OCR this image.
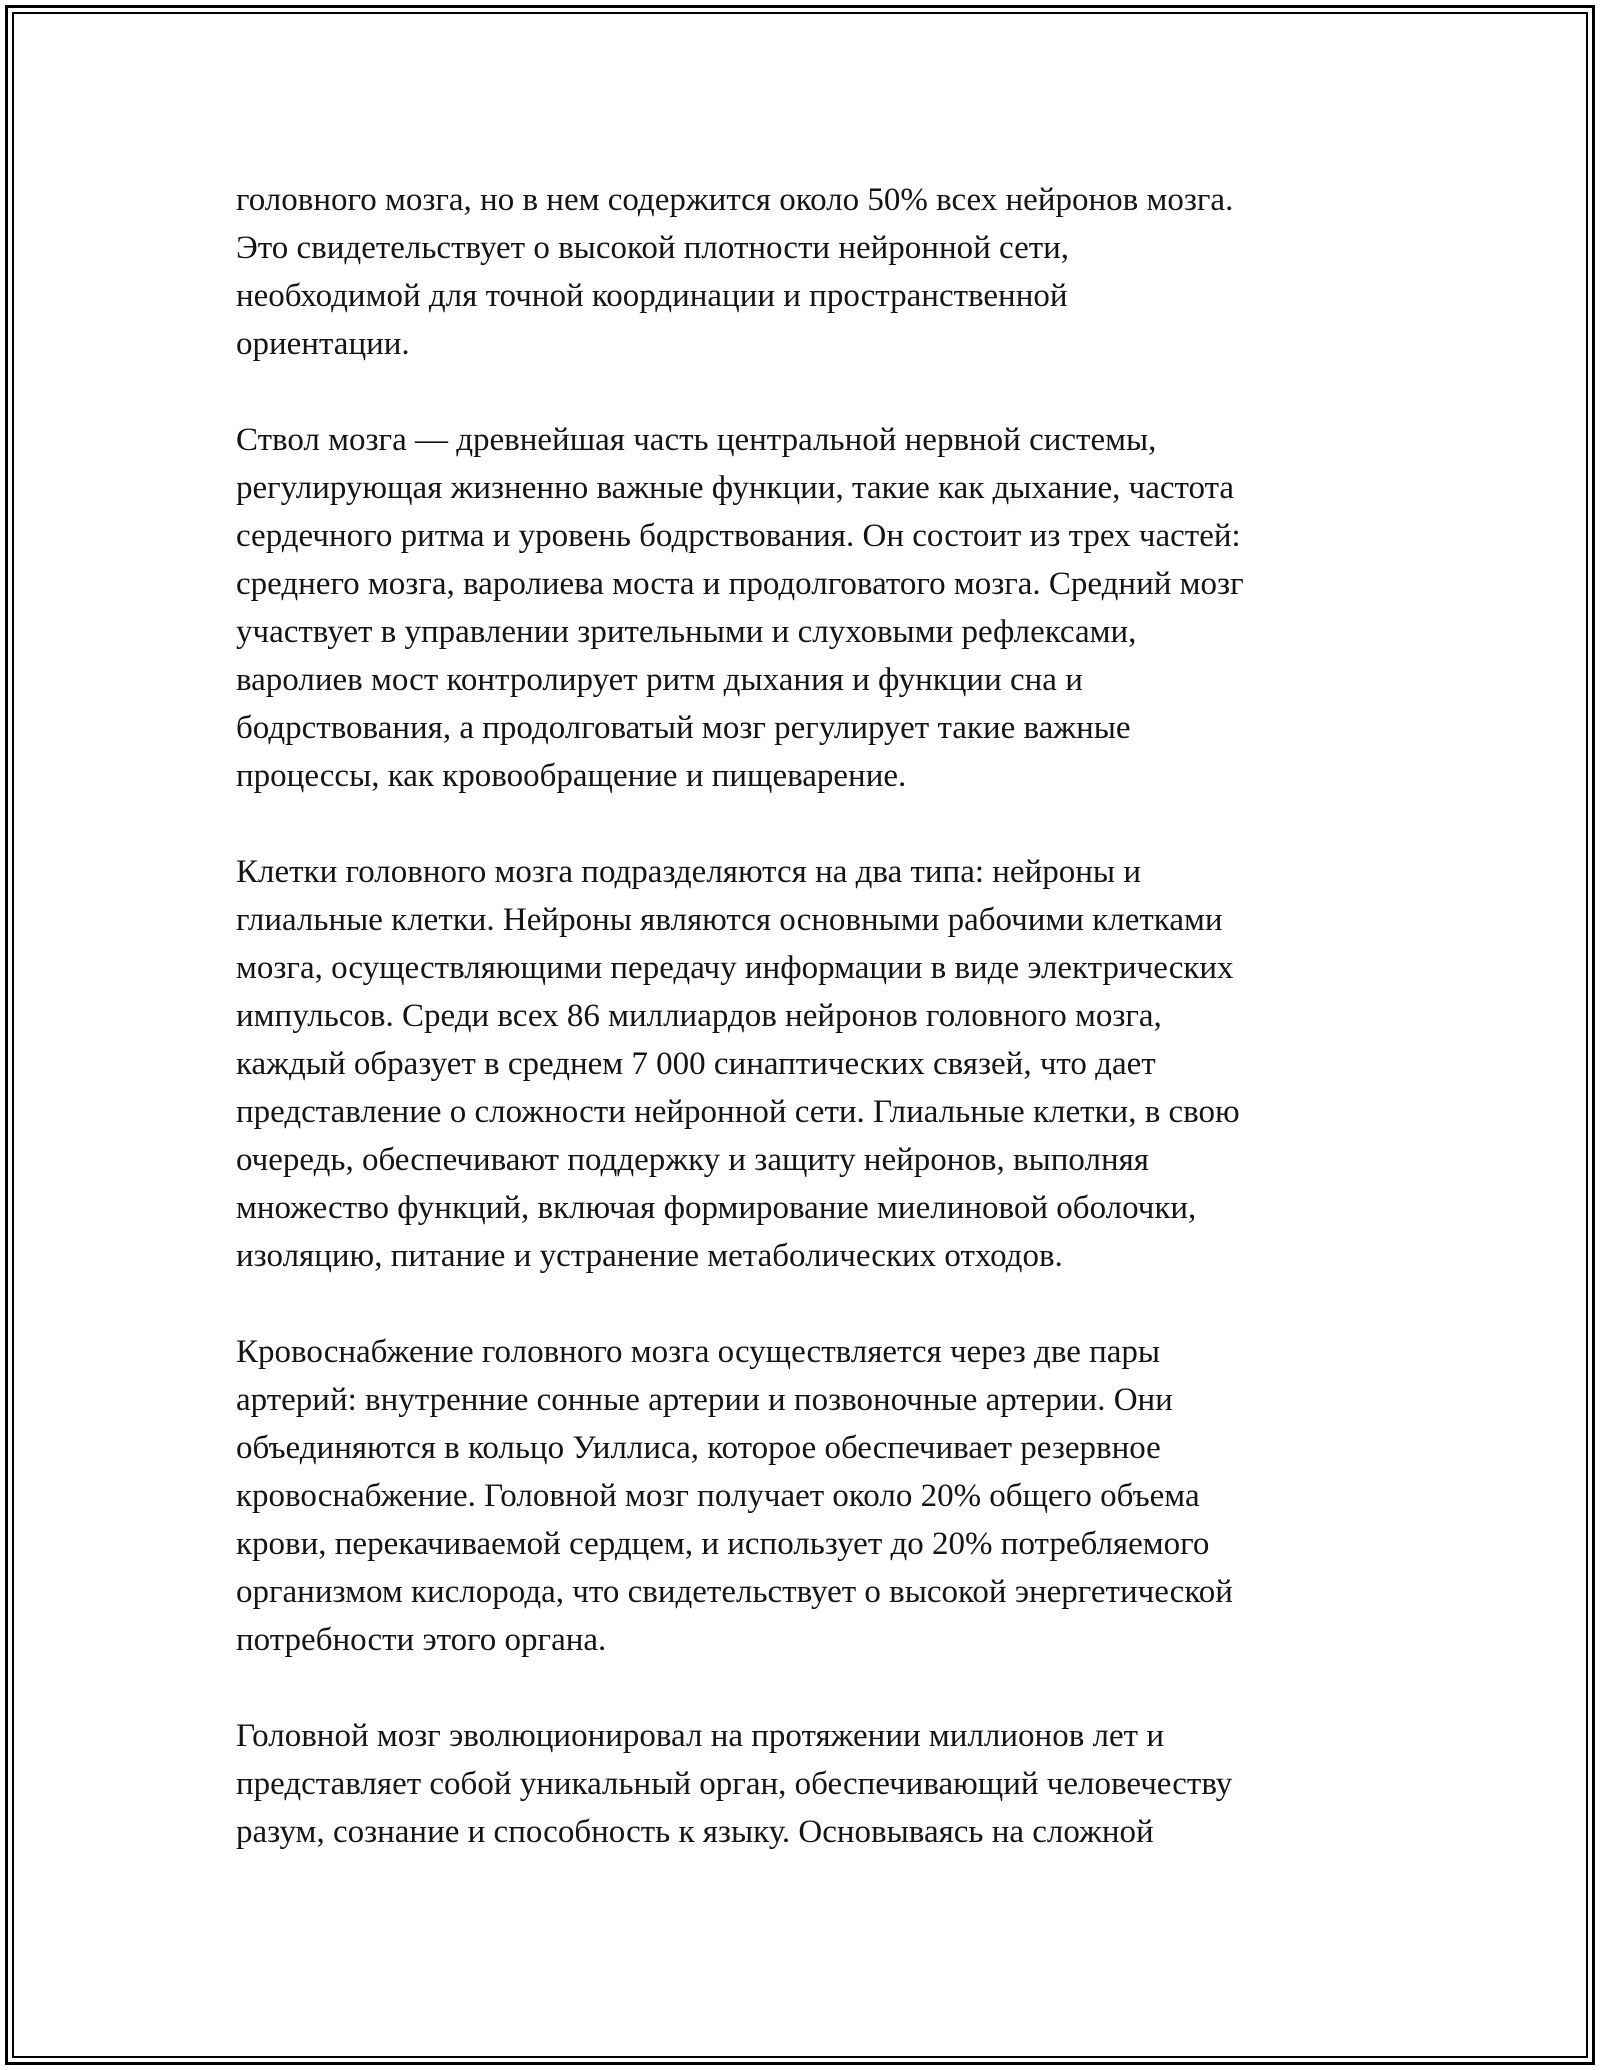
головного мозга, но в нем содержится около 50% всех нейронов мозга.
Это свидетельствует о высокой плотности нейронной сети,
необходимой для точной координации и пространственной
ориентации.

Ствол мозга — древнейшая часть центральной нервной системы,
регулирующая жизненно важные функции, такие как дыхание, частота
сердечного ритма и уровень бодрствования. Он состоит из трех частей:
среднего мозга, варолиева моста и продолговатого мозга. Средний мозг
участвует в управлении зрительными и слуховыми рефлексами,
варолиев мост контролирует ритм дыхания и функции сна и
бодрствования, а продолговатый мозг регулирует такие важные
процессы, как кровообращение и пищеварение.

Клетки головного мозга подразделяются на два типа: нейроны и
глиальные клетки. Нейроны являются основными рабочими клетками
мозга, осуществляющими передачу информации в виде электрических
импульсов. Среди всех 86 миллиардов нейронов головного мозга,
каждый образует в среднем 7 000 синаптических связей, что дает
представление о сложности нейронной сети. Глиальные клетки, в свою
очередь, обеспечивают поддержку и защиту нейронов, выполняя
множество функций, включая формирование миелиновой оболочки,
изоляцию, питание и устранение метаболических отходов.

Кровоснабжение головного мозга осуществляется через две пары
артерий: внутренние сонные артерии и позвоночные артерии. Они
объединяются в кольцо Уиллиса, которое обеспечивает резервное
кровоснабжение. Головной мозг получает около 20% общего объема
крови, перекачиваемой сердцем, и использует до 20% потребляемого
организмом кислорода, что свидетельствует о высокой энергетической
потребности этого органа.

Головной мозг эволюционировал на протяжении миллионов лет и
представляет собой уникальный орган, обеспечивающий человечеству
разум, сознание и способность к языку. Основываясь на сложной
